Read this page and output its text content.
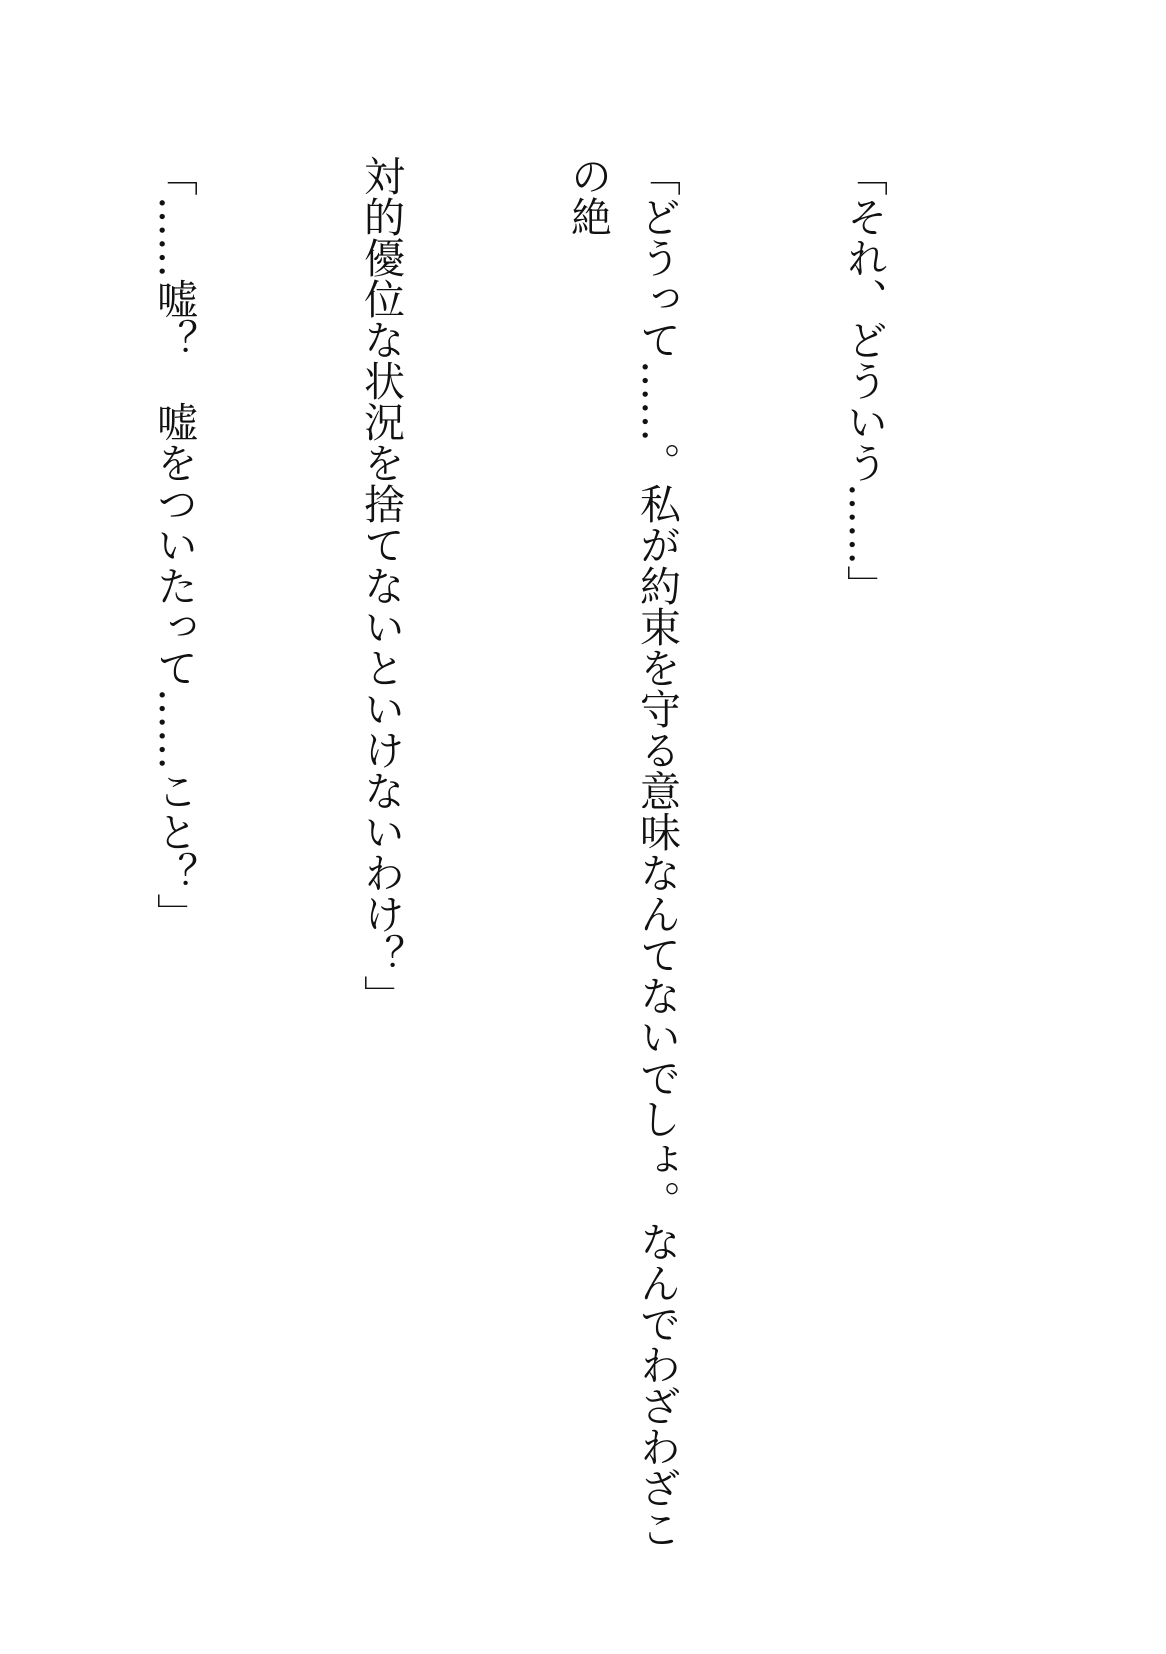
「それ、どういう……」

「どうって……。私が約束を守る意味なんてないでしょ。なんでわざわざこの絶

対的優位な状況を捨てないといけないわけ？」

「……嘘？　嘘をついたって……こと？」
